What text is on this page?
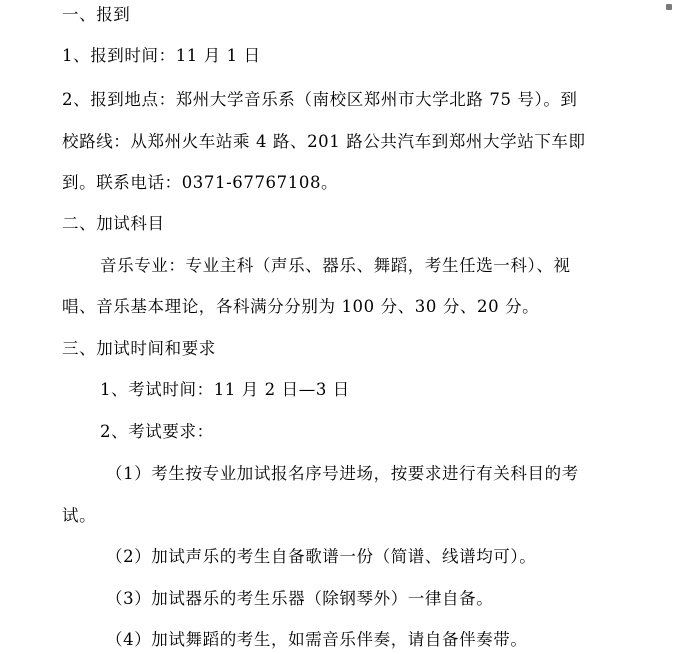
一、报到
1、报到时间：11 月 1 日
2、报到地点：郑州大学音乐系（南校区郑州市大学北路 75 号）。到
校路线：从郑州火车站乘 4 路、201 路公共汽车到郑州大学站下车即
到。联系电话：0371-67767108。
二、加试科目
音乐专业：专业主科（声乐、器乐、舞蹈，考生任选一科）、视
唱、音乐基本理论，各科满分分别为 100 分、30 分、20 分。
三、加试时间和要求
1、考试时间：11 月 2 日—3 日
2、考试要求：
（1）考生按专业加试报名序号进场，按要求进行有关科目的考
试。
（2）加试声乐的考生自备歌谱一份（简谱、线谱均可）。
（3）加试器乐的考生乐器（除钢琴外）一律自备。
（4）加试舞蹈的考生，如需音乐伴奏，请自备伴奏带。
